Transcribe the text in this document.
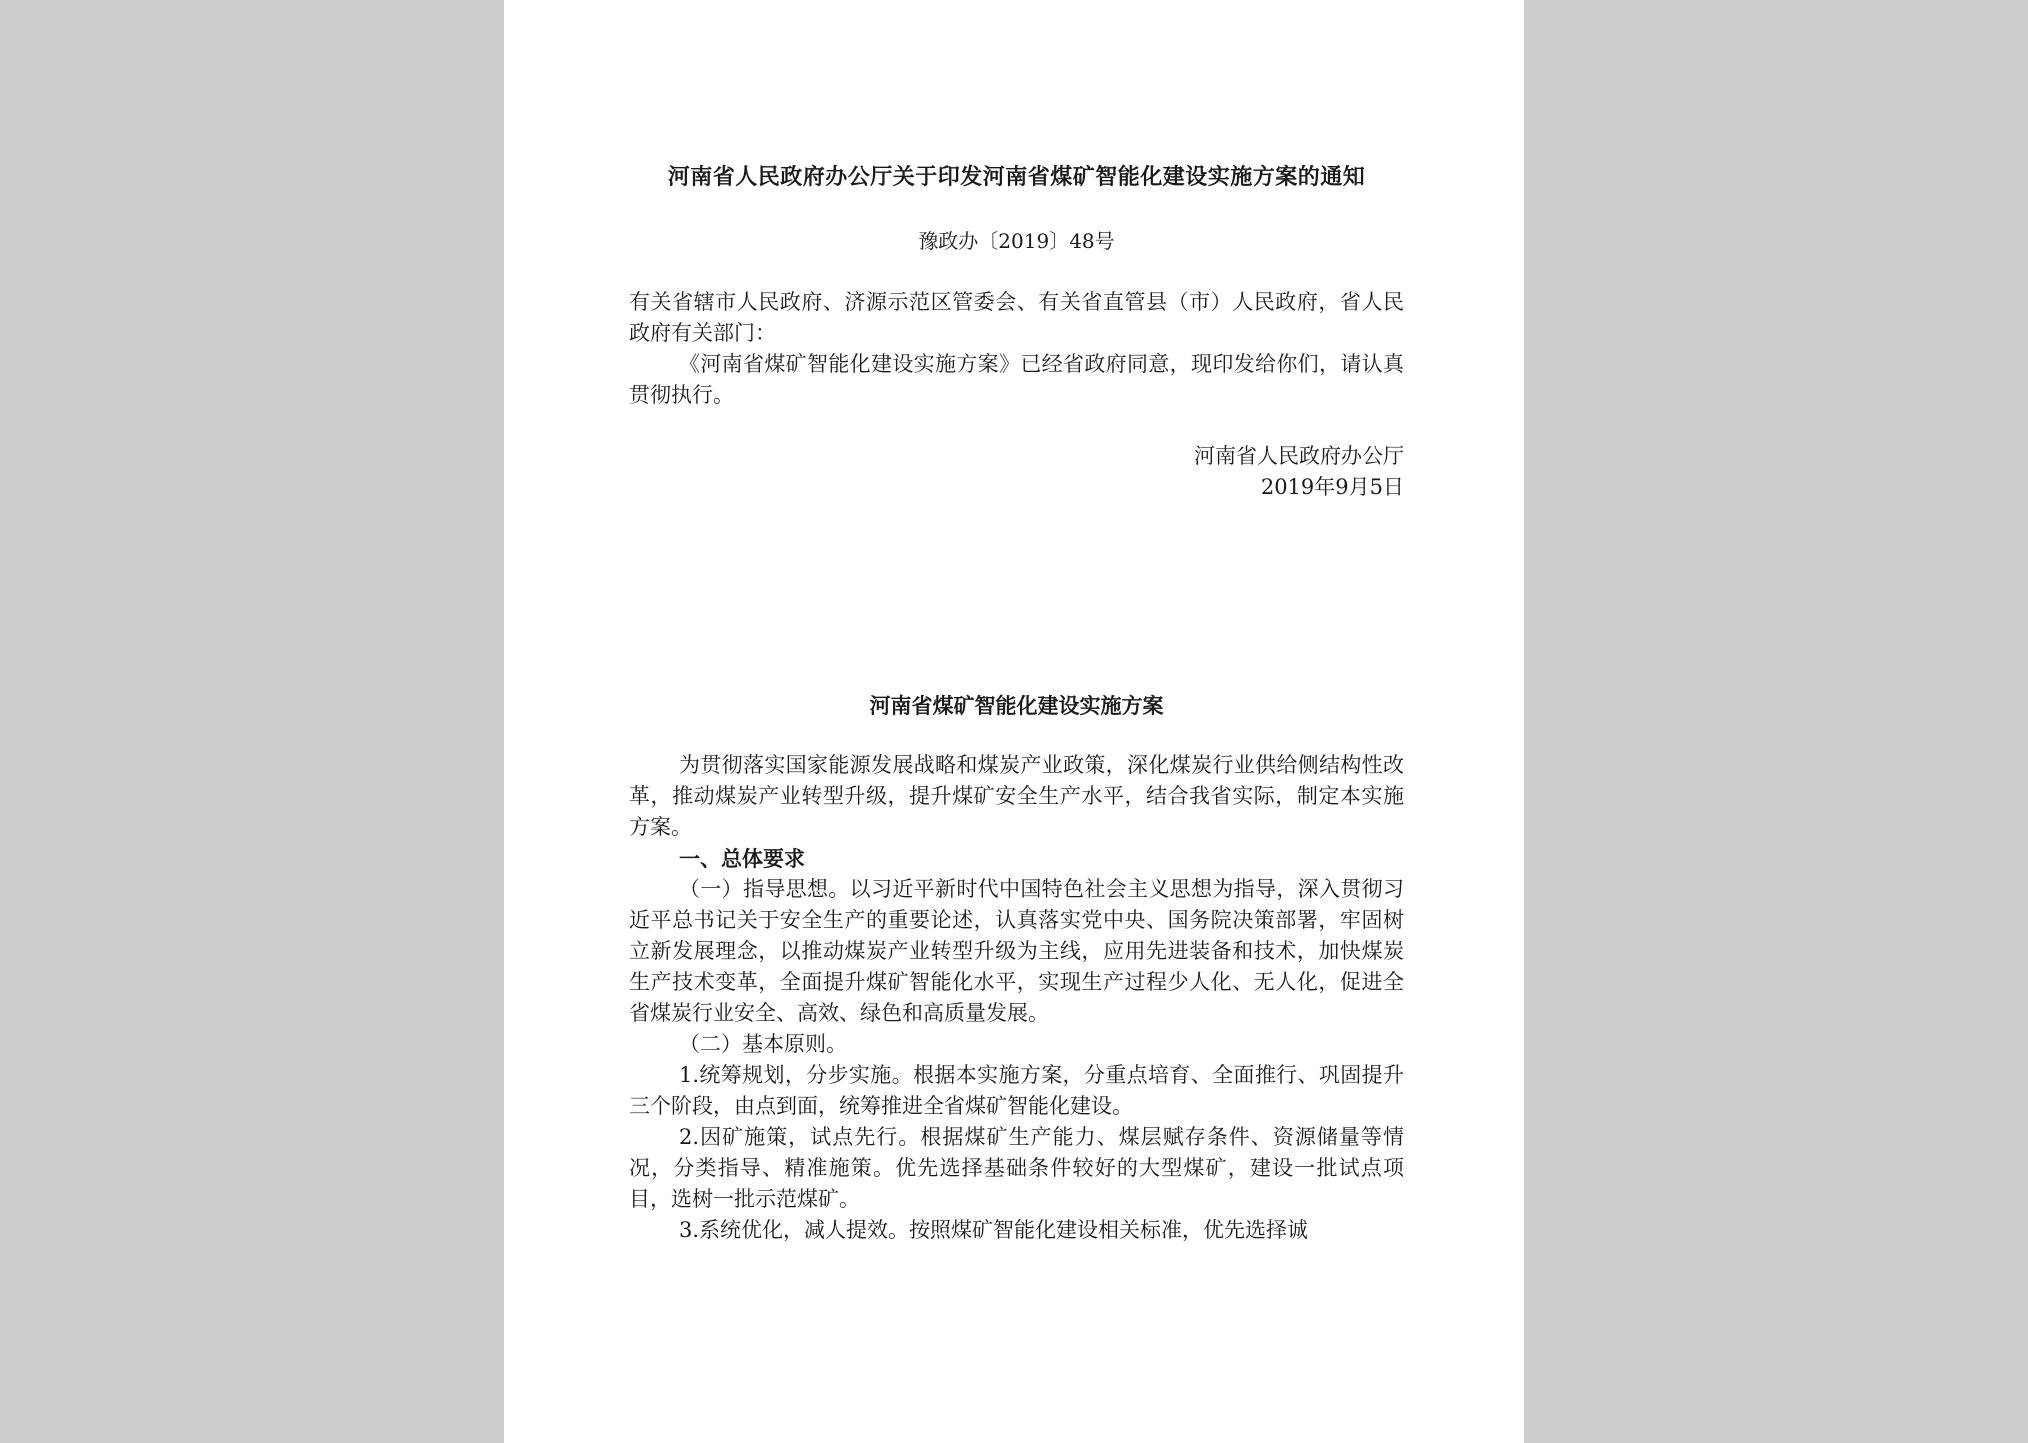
河南省人民政府办公厅关于印发河南省煤矿智能化建设实施方案的通知
豫政办〔2019〕48号

有关省辖市人民政府、济源示范区管委会、有关省直管县（市）人民政府，省人民政府有关部门：

《河南省煤矿智能化建设实施方案》已经省政府同意，现印发给你们，请认真贯彻执行。

河南省人民政府办公厅
2019年9月5日
河南省煤矿智能化建设实施方案

为贯彻落实国家能源发展战略和煤炭产业政策，深化煤炭行业供给侧结构性改革，推动煤炭产业转型升级，提升煤矿安全生产水平，结合我省实际，制定本实施方案。

一、总体要求

（一）指导思想。以习近平新时代中国特色社会主义思想为指导，深入贯彻习近平总书记关于安全生产的重要论述，认真落实党中央、国务院决策部署，牢固树立新发展理念，以推动煤炭产业转型升级为主线，应用先进装备和技术，加快煤炭生产技术变革，全面提升煤矿智能化水平，实现生产过程少人化、无人化，促进全省煤炭行业安全、高效、绿色和高质量发展。

（二）基本原则。

1.统筹规划，分步实施。根据本实施方案，分重点培育、全面推行、巩固提升三个阶段，由点到面，统筹推进全省煤矿智能化建设。

2.因矿施策，试点先行。根据煤矿生产能力、煤层赋存条件、资源储量等情况，分类指导、精准施策。优先选择基础条件较好的大型煤矿，建设一批试点项目，选树一批示范煤矿。

3.系统优化，减人提效。按照煤矿智能化建设相关标准，优先选择诚
